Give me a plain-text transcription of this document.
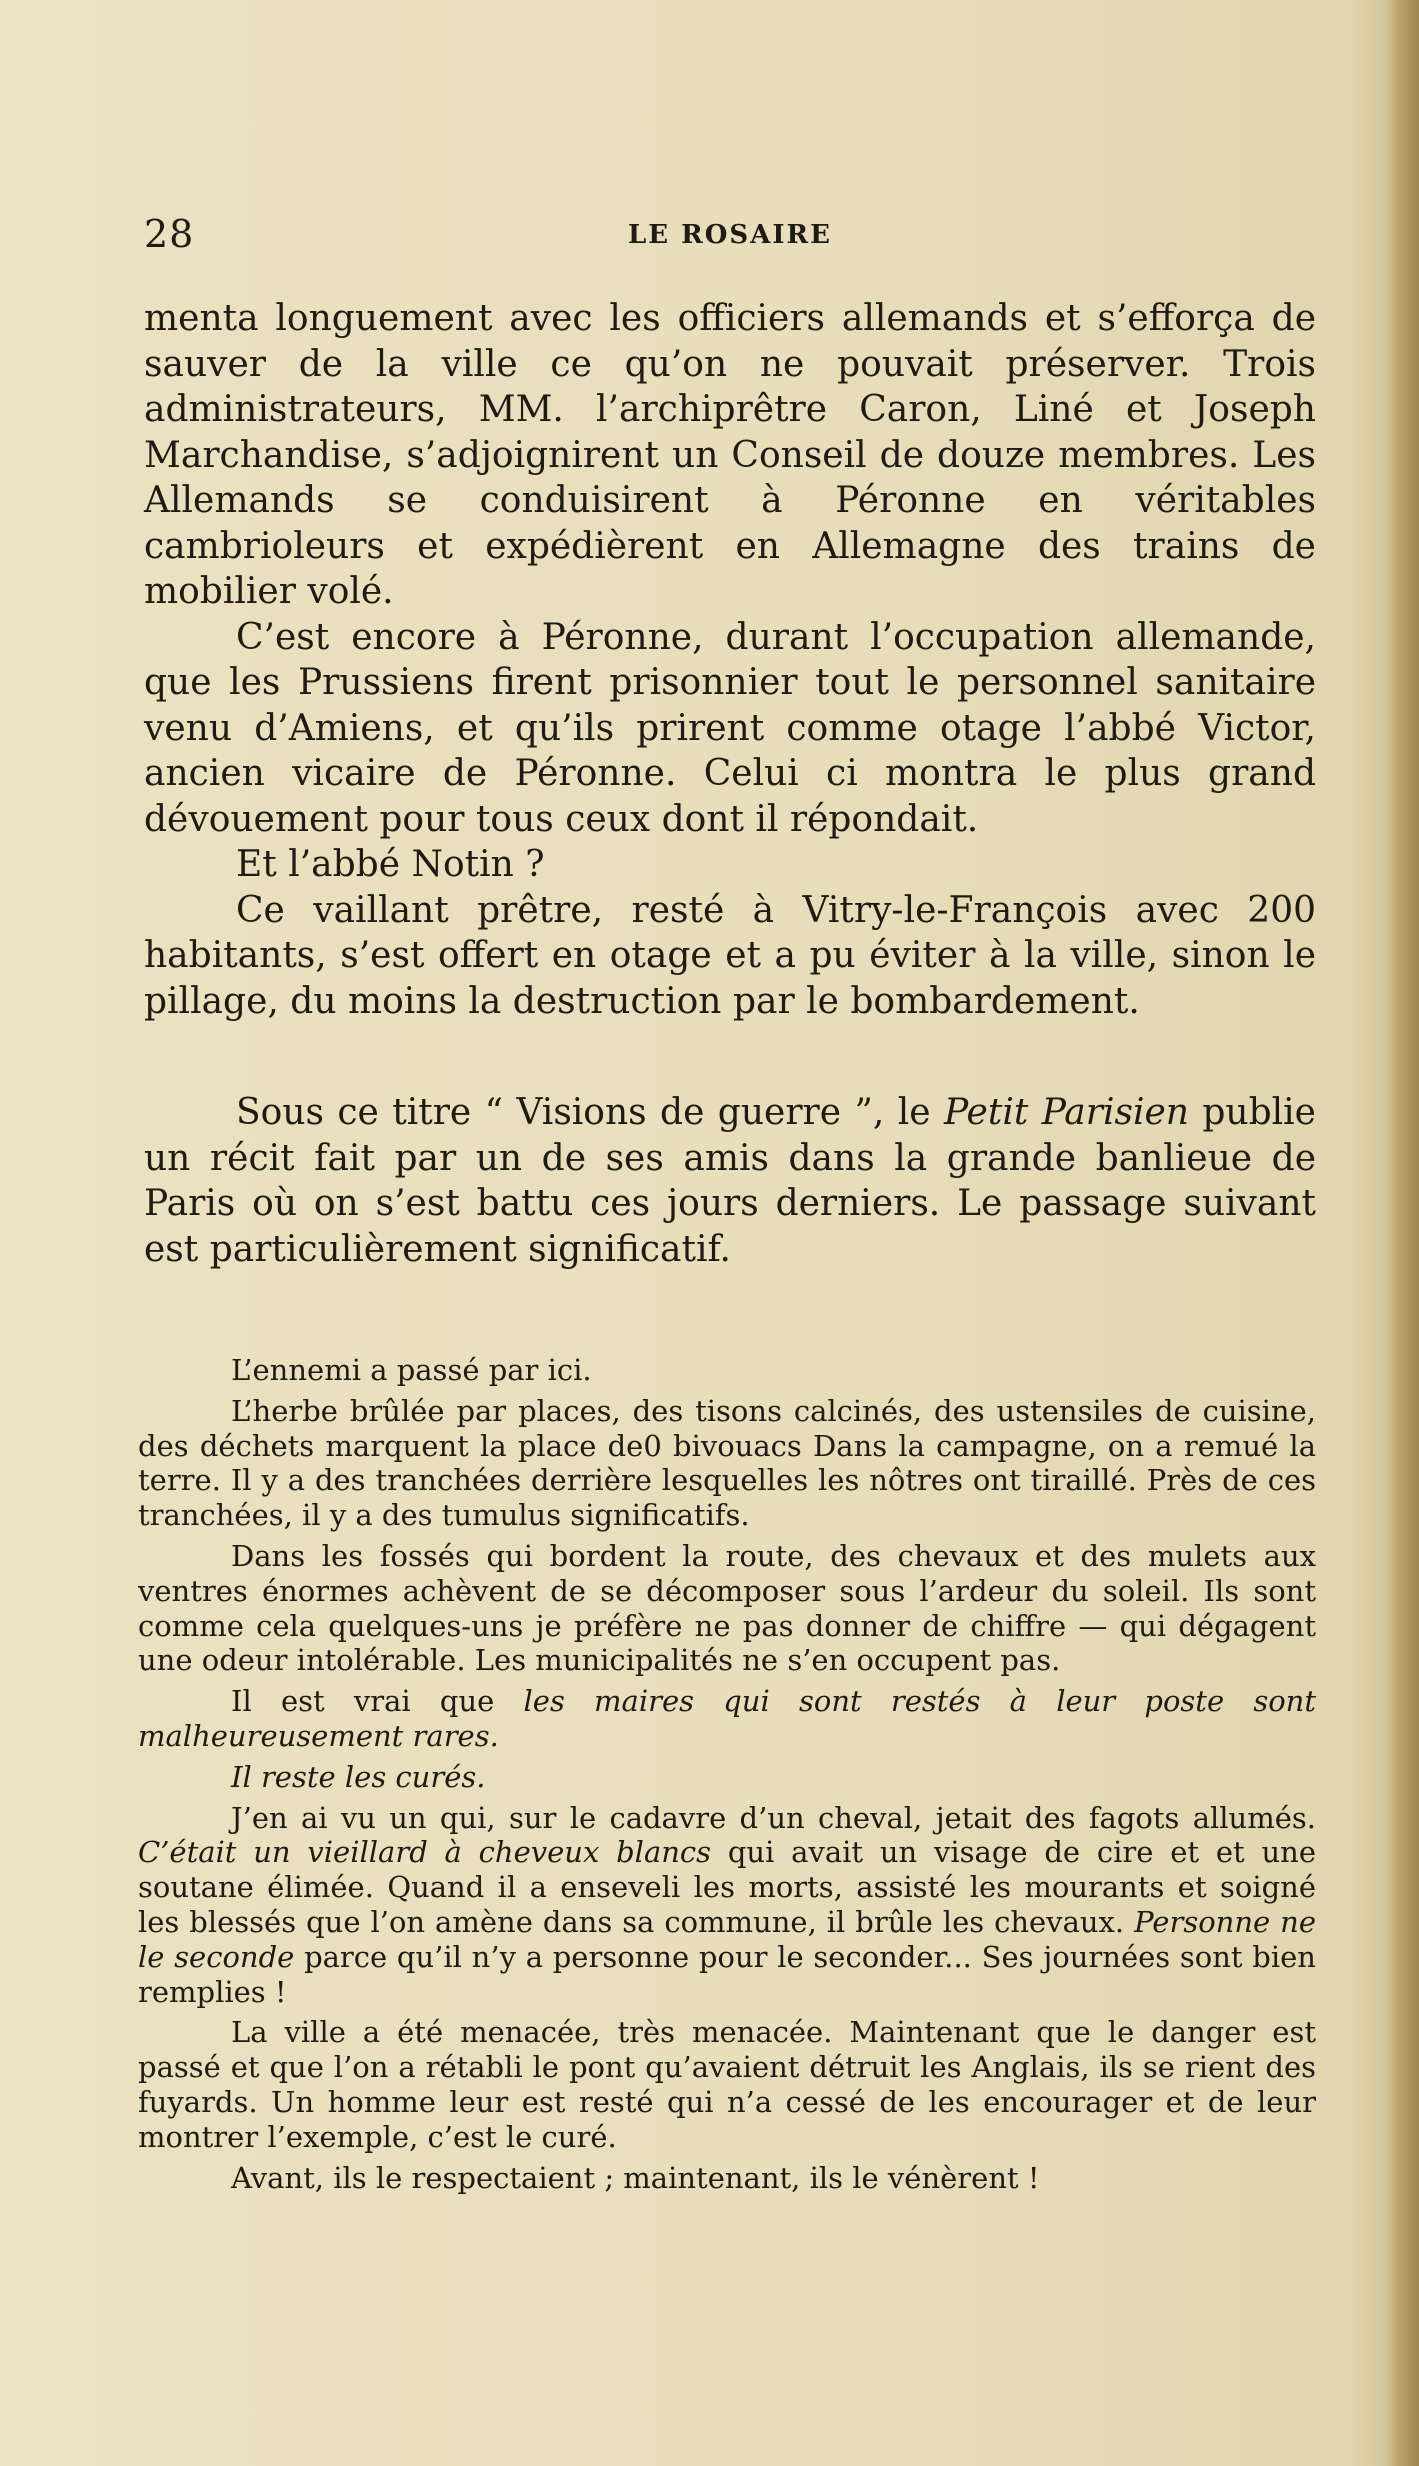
28	LE ROSAIRE

menta longuement avec les officiers allemands et s’efforça de sauver de la ville ce qu’on ne pouvait préserver. Trois administrateurs, MM. l’archiprêtre Caron, Liné et Joseph Marchandise, s’adjoignirent un Conseil de douze membres. Les Allemands se conduisirent à Péronne en véritables cambrioleurs et expédièrent en Allemagne des trains de mobilier volé.

C’est encore à Péronne, durant l’occupation allemande, que les Prussiens firent prisonnier tout le personnel sanitaire venu d’Amiens, et qu’ils prirent comme otage l’abbé Victor, ancien vicaire de Péronne. Celui ci montra le plus grand dévouement pour tous ceux dont il répondait.

Et l’abbé Notin ?

Ce vaillant prêtre, resté à Vitry-le-François avec 200 habitants, s’est offert en otage et a pu éviter à la ville, sinon le pillage, du moins la destruction par le bombardement.

Sous ce titre “ Visions de guerre ”, le Petit Parisien publie un récit fait par un de ses amis dans la grande banlieue de Paris où on s’est battu ces jours derniers. Le passage suivant est particulièrement significatif.

L’ennemi a passé par ici.

L’herbe brûlée par places, des tisons calcinés, des ustensiles de cuisine, des déchets marquent la place de0 bivouacs Dans la campagne, on a remué la terre. Il y a des tranchées derrière lesquelles les nôtres ont tiraillé. Près de ces tranchées, il y a des tumulus significatifs.

Dans les fossés qui bordent la route, des chevaux et des mulets aux ventres énormes achèvent de se décomposer sous l’ardeur du soleil. Ils sont comme cela quelques-uns je préfère ne pas donner de chiffre — qui dégagent une odeur intolérable. Les municipalités ne s’en occupent pas.

Il est vrai que les maires qui sont restés à leur poste sont malheureusement rares.

Il reste les curés.

J’en ai vu un qui, sur le cadavre d’un cheval, jetait des fagots allumés. C’était un vieillard à cheveux blancs qui avait un visage de cire et et une soutane élimée. Quand il a enseveli les morts, assisté les mourants et soigné les blessés que l’on amène dans sa commune, il brûle les chevaux. Personne ne le seconde parce qu’il n’y a personne pour le seconder... Ses journées sont bien remplies !

La ville a été menacée, très menacée. Maintenant que le danger est passé et que l’on a rétabli le pont qu’avaient détruit les Anglais, ils se rient des fuyards. Un homme leur est resté qui n’a cessé de les encourager et de leur montrer l’exemple, c’est le curé.

Avant, ils le respectaient ; maintenant, ils le vénèrent !
